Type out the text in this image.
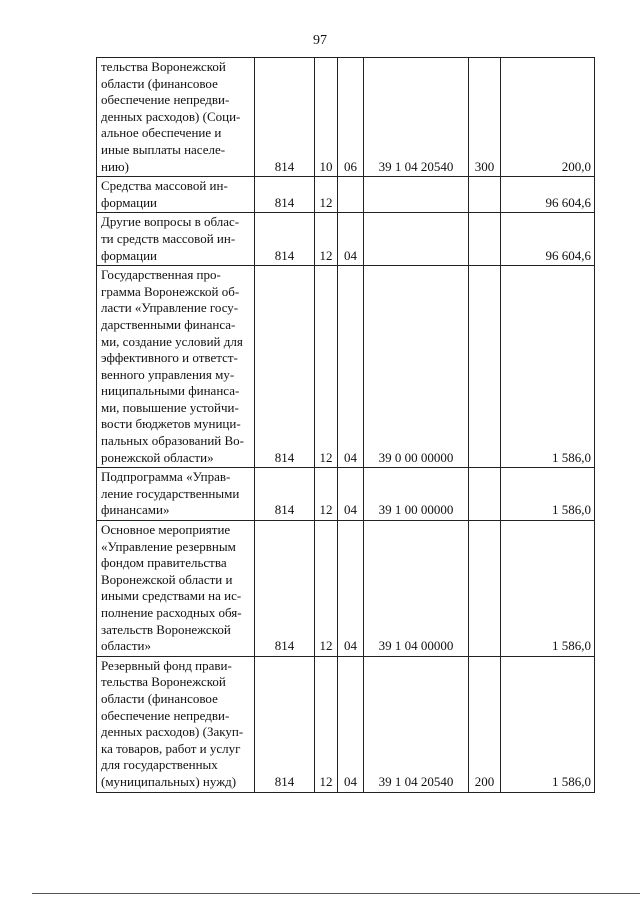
97
тельства Воронежской области (финансовое обеспечение непредви-денных расходов) (Соци-альное обеспечение и иные выплаты населе-нию)	814	10	06	39 1 04 20540	300	200,0
Средства массовой ин-формации	814	12				96 604,6
Другие вопросы в облас-ти средств массовой ин-формации	814	12	04			96 604,6
Государственная про-грамма Воронежской об-ласти «Управление госу-дарственными финанса-ми, создание условий для эффективного и ответст-венного управления му-ниципальными финанса-ми, повышение устойчи-вости бюджетов муници-пальных образований Во-ронежской области»	814	12	04	39 0 00 00000		1 586,0
Подпрограмма «Управ-ление государственными финансами»	814	12	04	39 1 00 00000		1 586,0
Основное мероприятие «Управление резервным фондом правительства Воронежской области и иными средствами на ис-полнение расходных обя-зательств Воронежской области»	814	12	04	39 1 04 00000		1 586,0
Резервный фонд прави-тельства Воронежской области (финансовое обеспечение непредви-денных расходов) (Закуп-ка товаров, работ и услуг для государственных (муниципальных) нужд)	814	12	04	39 1 04 20540	200	1 586,0
